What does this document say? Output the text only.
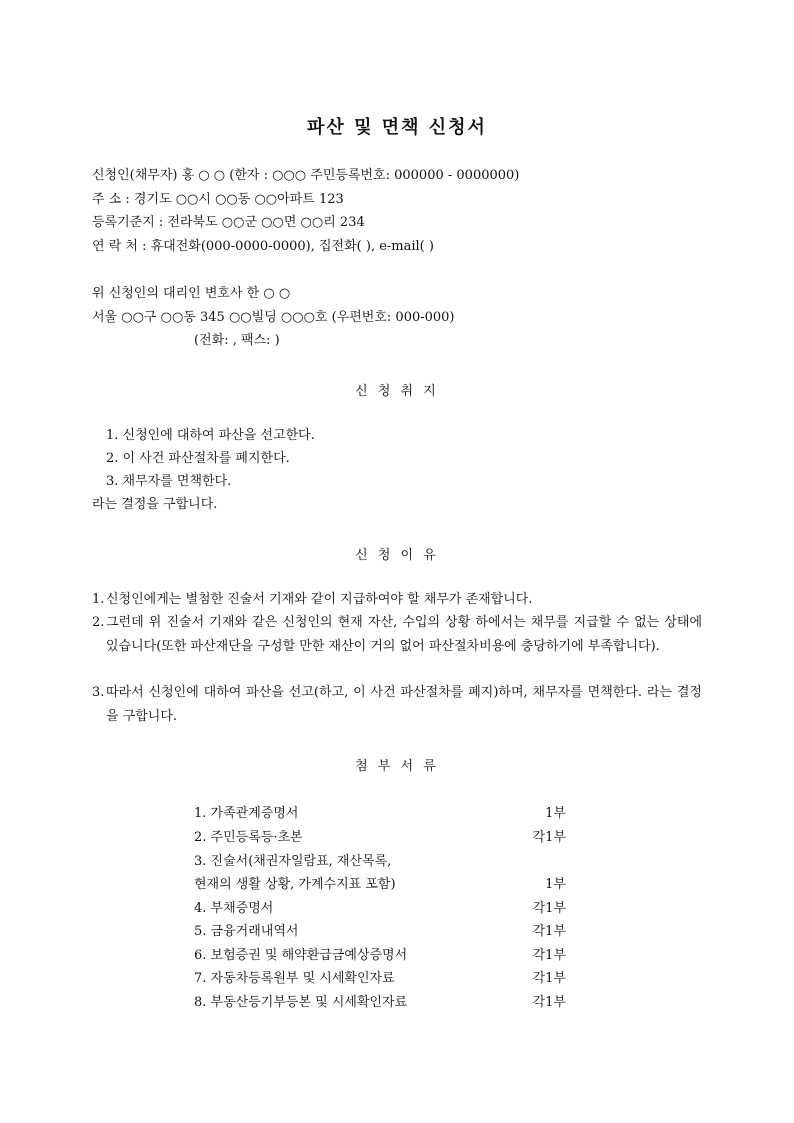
파산 및 면책 신청서
신청인(채무자) 홍 ○ ○ (한자 : ○○○ 주민등록번호: 000000 - 0000000)
주 소 : 경기도 ○○시 ○○동 ○○아파트 123
등록기준지 : 전라북도 ○○군 ○○면 ○○리 234
연 락 처 : 휴대전화(000-0000-0000), 집전화( ), e-mail( )
위 신청인의 대리인 변호사 한 ○ ○
서울 ○○구 ○○동 345 ○○빌딩 ○○○호 (우편번호: 000-000)
(전화: , 팩스: )
신 청 취 지
1. 신청인에 대하여 파산을 선고한다.
2. 이 사건 파산절차를 폐지한다.
3. 채무자를 면책한다.
라는 결정을 구합니다.
신 청 이 유
1. 신청인에게는 별첨한 진술서 기재와 같이 지급하여야 할 채무가 존재합니다.
2. 그런데 위 진술서 기재와 같은 신청인의 현재 자산, 수입의 상황 하에서는 채무를 지급할 수 없는 상태에 있습니다(또한 파산재단을 구성할 만한 재산이 거의 없어 파산절차비용에 충당하기에 부족합니다).
3. 따라서 신청인에 대하여 파산을 선고(하고, 이 사건 파산절차를 폐지)하며, 채무자를 면책한다. 라는 결정을 구합니다.
첨 부 서 류
1. 가족관계증명서	1부
2. 주민등록등·초본	각1부
3. 진술서(채권자일람표, 재산목록,
현재의 생활 상황, 가계수지표 포함)	1부
4. 부채증명서	각1부
5. 금융거래내역서	각1부
6. 보험증권 및 해약환급금예상증명서	각1부
7. 자동차등록원부 및 시세확인자료	각1부
8. 부동산등기부등본 및 시세확인자료	각1부
